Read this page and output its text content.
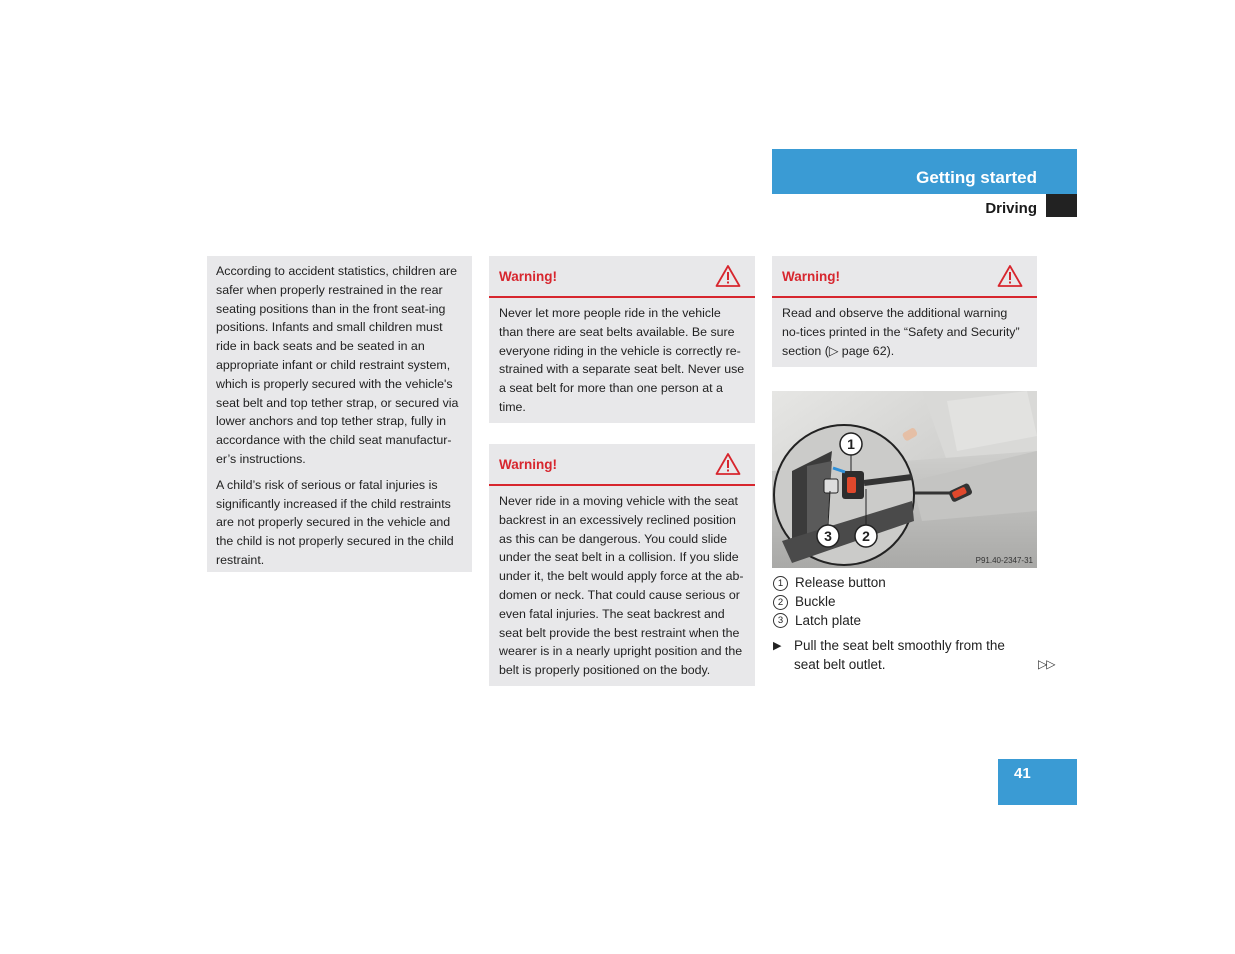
Getting started
Driving

According to accident statistics, children are safer when properly restrained in the rear seating positions than in the front seat-ing positions. Infants and small children must ride in back seats and be seated in an appropriate infant or child restraint system, which is properly secured with the vehicle's seat belt and top tether strap, or secured via lower anchors and top tether strap, fully in accordance with the child seat manufactur-er’s instructions.

A child’s risk of serious or fatal injuries is significantly increased if the child restraints are not properly secured in the vehicle and the child is not properly secured in the child restraint.

Warning!
Never let more people ride in the vehicle than there are seat belts available. Be sure everyone riding in the vehicle is correctly re-strained with a separate seat belt. Never use a seat belt for more than one person at a time.
Warning!
Never ride in a moving vehicle with the seat backrest in an excessively reclined position as this can be dangerous. You could slide under the seat belt in a collision. If you slide under it, the belt would apply force at the ab-domen or neck. That could cause serious or even fatal injuries. The seat backrest and seat belt provide the best restraint when the wearer is in a nearly upright position and the belt is properly positioned on the body.
Warning!
Read and observe the additional warning no-tices printed in the “Safety and Security” section (▷ page 62).
1
2
3
P91.40-2347-31
1 Release button
2 Buckle
3 Latch plate
▶ Pull the seat belt smoothly from the seat belt outlet.	▷▷
41
